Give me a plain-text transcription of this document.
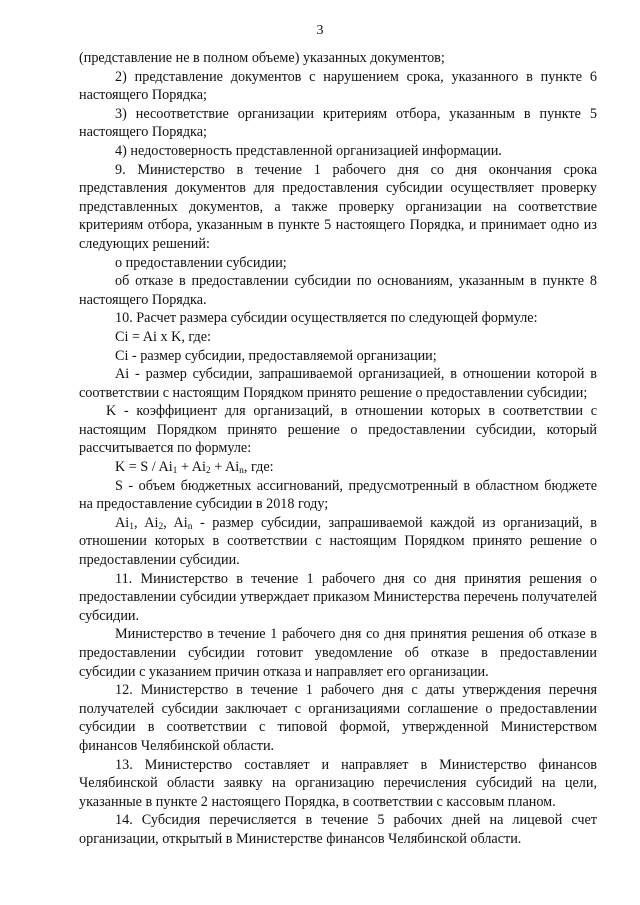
3

(представление не в полном объеме) указанных документов;

2) представление документов с нарушением срока, указанного в пункте 6 настоящего Порядка;

3) несоответствие организации критериям отбора, указанным в пункте 5 настоящего Порядка;

4) недостоверность представленной организацией информации.

9. Министерство в течение 1 рабочего дня со дня окончания срока представления документов для предоставления субсидии осуществляет проверку представленных документов, а также проверку организации на соответствие критериям отбора, указанным в пункте 5 настоящего Порядка, и принимает одно из следующих решений:

о предоставлении субсидии;

об отказе в предоставлении субсидии по основаниям, указанным в пункте 8 настоящего Порядка.

10. Расчет размера субсидии осуществляется по следующей формуле:

Ci = Ai x K, где:

Ci - размер субсидии, предоставляемой организации;

Ai - размер субсидии, запрашиваемой организацией, в отношении которой в соответствии с настоящим Порядком принято решение о предоставлении субсидии;

K - коэффициент для организаций, в отношении которых в соответствии с настоящим Порядком принято решение о предоставлении субсидии, который рассчитывается по формуле:

$K = S / Ai_1 + Ai_2 + Ai_n$, где:

S - объем бюджетных ассигнований, предусмотренный в областном бюджете на предоставление субсидии в 2018 году;

$Ai_1$, $Ai_2$, $Ai_n$ - размер субсидии, запрашиваемой каждой из организаций, в отношении которых в соответствии с настоящим Порядком принято решение о предоставлении субсидии.

11. Министерство в течение 1 рабочего дня со дня принятия решения о предоставлении субсидии утверждает приказом Министерства перечень получателей субсидии.

Министерство в течение 1 рабочего дня со дня принятия решения об отказе в предоставлении субсидии готовит уведомление об отказе в предоставлении субсидии с указанием причин отказа и направляет его организации.

12. Министерство в течение 1 рабочего дня с даты утверждения перечня получателей субсидии заключает с организациями соглашение о предоставлении субсидии в соответствии с типовой формой, утвержденной Министерством финансов Челябинской области.

13. Министерство составляет и направляет в Министерство финансов Челябинской области заявку на организацию перечисления субсидий на цели, указанные в пункте 2 настоящего Порядка, в соответствии с кассовым планом.

14. Субсидия перечисляется в течение 5 рабочих дней на лицевой счет организации, открытый в Министерстве финансов Челябинской области.
